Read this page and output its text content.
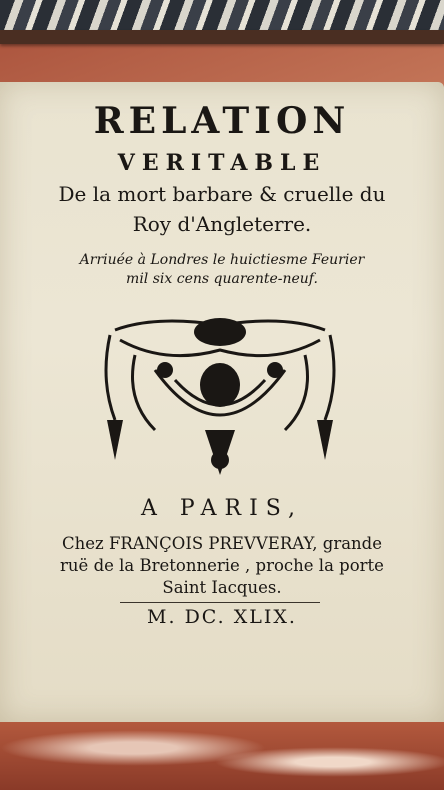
RELATION
VERITABLE
De la mort barbare & cruelle du
Roy d'Angleterre.
Arriuée à Londres le huictiesme Feurier
mil six cens quarente-neuf.
A PARIS,
Chez FRANÇOIS PREVVERAY, grande
ruë de la Bretonnerie , proche la porte
Saint Iacques.
M. DC. XLIX.
